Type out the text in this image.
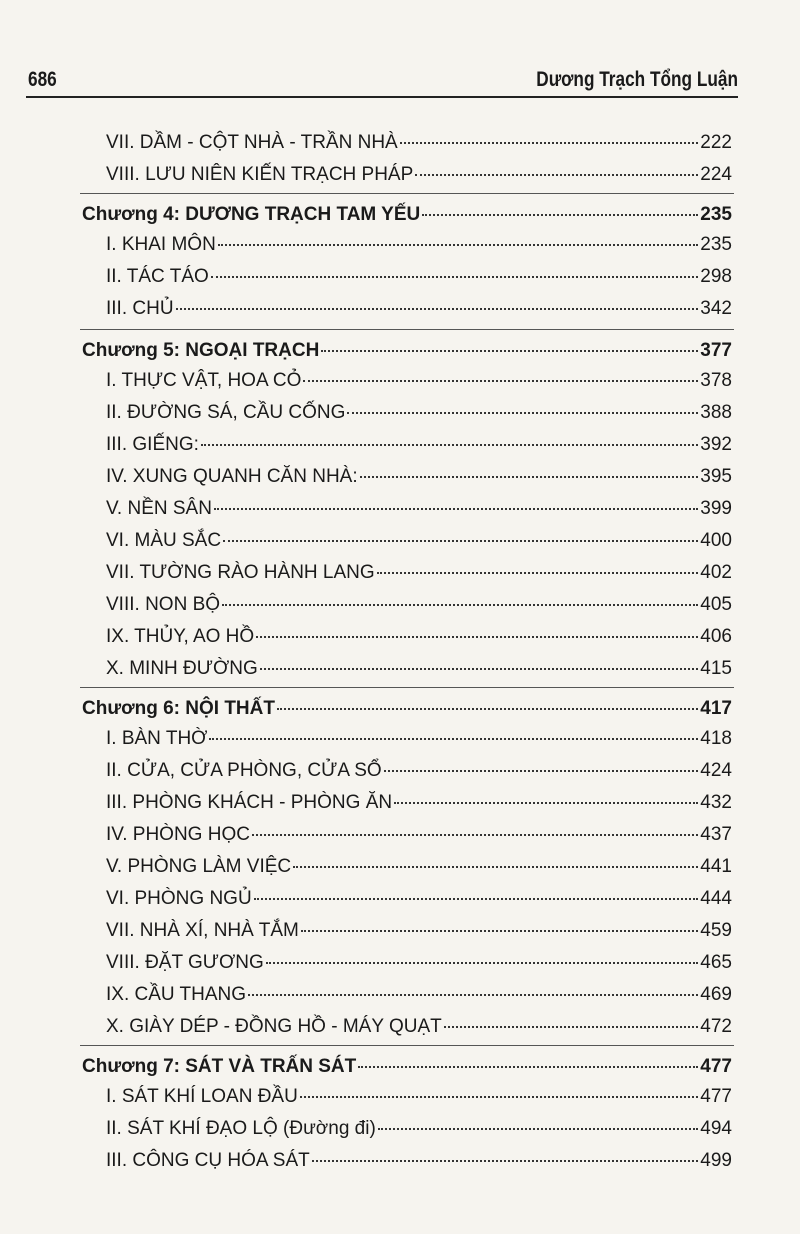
686	Dương Trạch Tổng Luận
VII. DẦM - CỘT NHÀ - TRẦN NHÀ	222
VIII. LƯU NIÊN KIẾN TRẠCH PHÁP	224
Chương 4: DƯƠNG TRẠCH TAM YẾU	235
I. KHAI MÔN	235
II. TÁC TÁO	298
III. CHỦ	342
Chương 5: NGOẠI TRẠCH	377
I. THỰC VẬT, HOA CỎ	378
II. ĐƯỜNG SÁ, CẦU CỐNG	388
III. GIẾNG:	392
IV. XUNG QUANH CĂN NHÀ:	395
V. NỀN SÂN	399
VI. MÀU SẮC	400
VII. TƯỜNG RÀO HÀNH LANG	402
VIII. NON BỘ	405
IX. THỦY, AO HỒ	406
X. MINH ĐƯỜNG	415
Chương 6: NỘI THẤT	417
I. BÀN THỜ	418
II. CỬA, CỬA PHÒNG, CỬA SỔ	424
III. PHÒNG KHÁCH - PHÒNG ĂN	432
IV. PHÒNG HỌC	437
V. PHÒNG LÀM VIỆC	441
VI. PHÒNG NGỦ	444
VII. NHÀ XÍ, NHÀ TẮM	459
VIII. ĐẶT GƯƠNG	465
IX. CẦU THANG	469
X. GIÀY DÉP - ĐỒNG HỒ - MÁY QUẠT	472
Chương 7: SÁT VÀ TRẤN SÁT	477
I. SÁT KHÍ LOAN ĐẦU	477
II. SÁT KHÍ ĐẠO LỘ (Đường đi)	494
III. CÔNG CỤ HÓA SÁT	499
